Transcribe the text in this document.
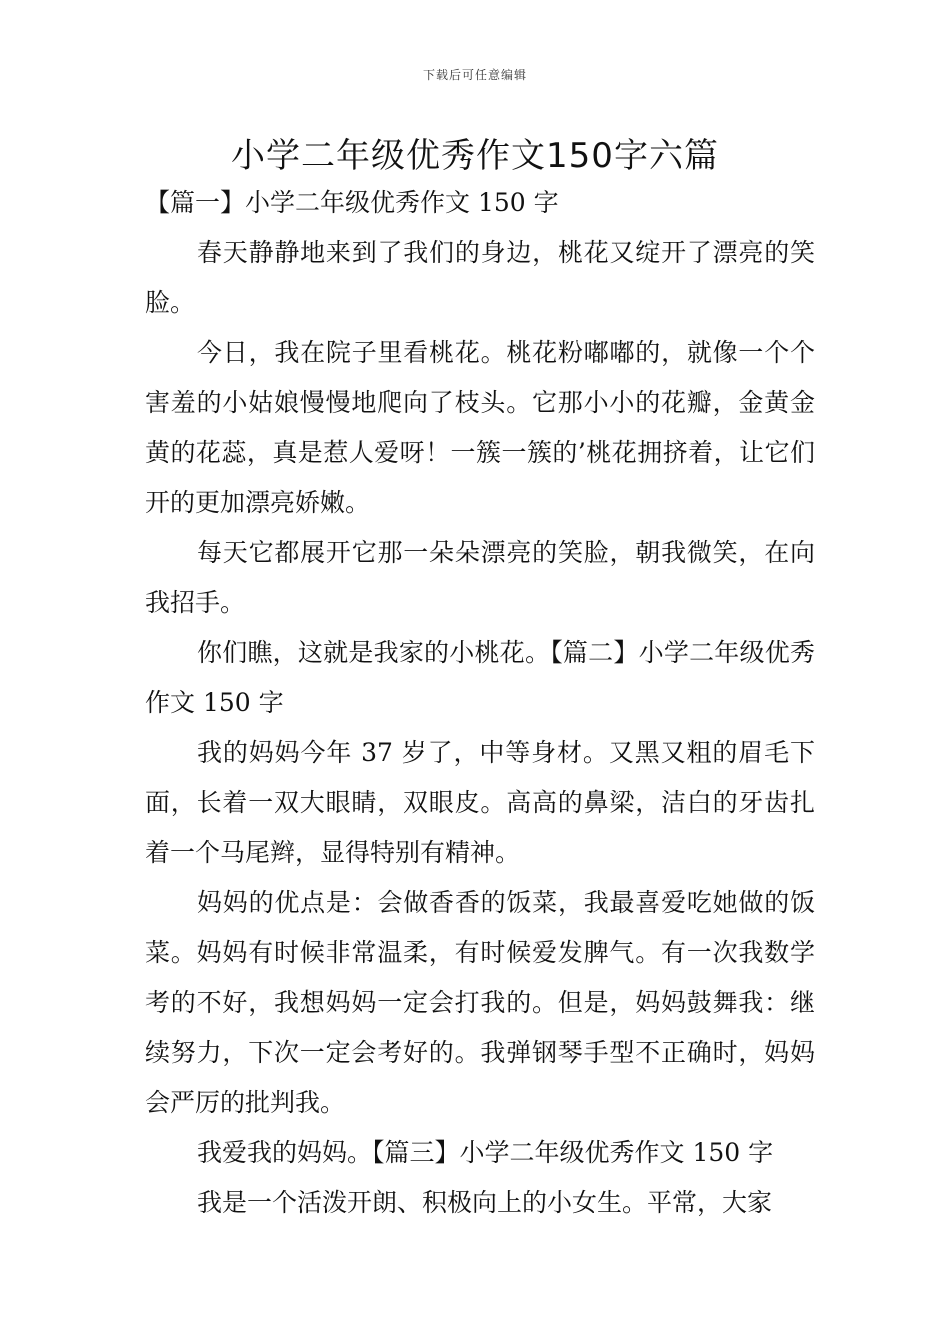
下载后可任意编辑
小学二年级优秀作文150字六篇

【篇一】小学二年级优秀作文 150 字

春天静静地来到了我们的身边，桃花又绽开了漂亮的笑脸。

今日，我在院子里看桃花。桃花粉嘟嘟的，就像一个个害羞的小姑娘慢慢地爬向了枝头。它那小小的花瓣，金黄金黄的花蕊，真是惹人爱呀！一簇一簇的’桃花拥挤着，让它们开的更加漂亮娇嫩。

每天它都展开它那一朵朵漂亮的笑脸，朝我微笑，在向我招手。

你们瞧，这就是我家的小桃花。【篇二】小学二年级优秀作文 150 字

我的妈妈今年 37 岁了，中等身材。又黑又粗的眉毛下面，长着一双大眼睛，双眼皮。高高的鼻梁，洁白的牙齿扎着一个马尾辫，显得特别有精神。

妈妈的优点是：会做香香的饭菜，我最喜爱吃她做的饭菜。妈妈有时候非常温柔，有时候爱发脾气。有一次我数学考的不好，我想妈妈一定会打我的。但是，妈妈鼓舞我：继续努力，下次一定会考好的。我弹钢琴手型不正确时，妈妈会严厉的批判我。

我爱我的妈妈。【篇三】小学二年级优秀作文 150 字

我是一个活泼开朗、积极向上的小女生。平常，大家
